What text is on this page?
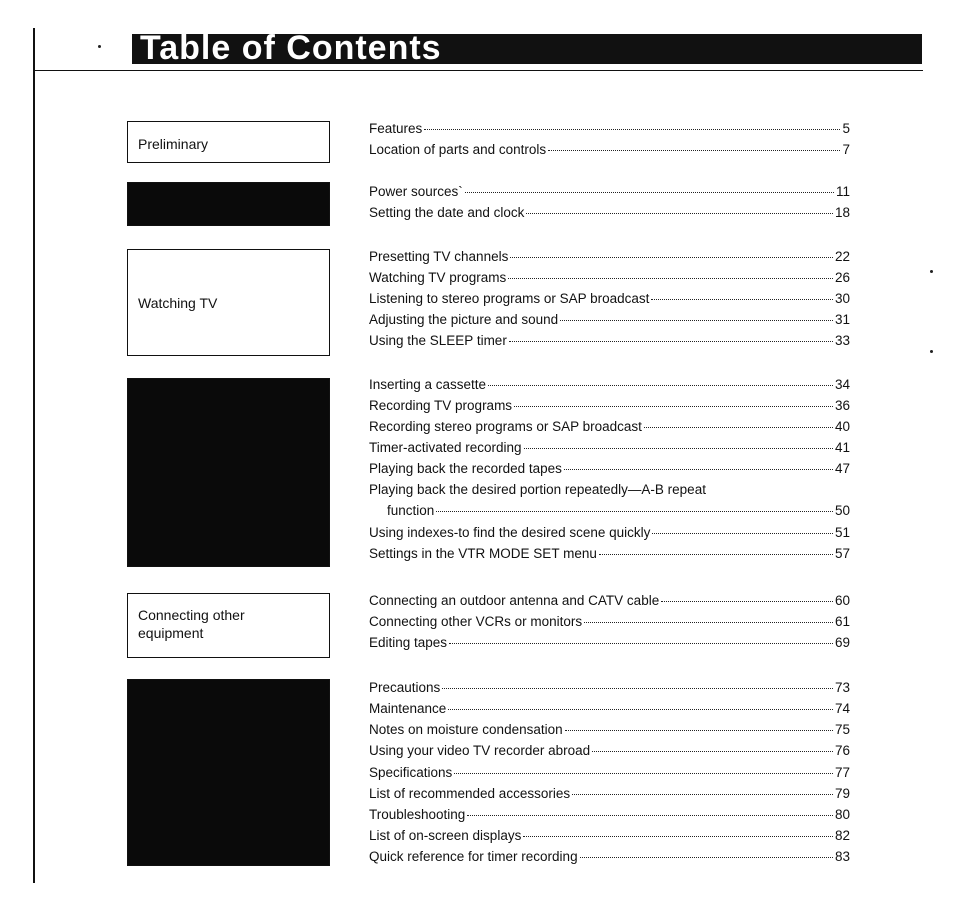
Table of Contents
Preliminary
Watching TV
Connecting other equipment
Features	5
Location of parts and controls	7
Power sources`	11
Setting the date and clock	18
Presetting TV channels	22
Watching TV programs	26
Listening to stereo programs or SAP broadcast	30
Adjusting the picture and sound	31
Using the SLEEP timer	33
Inserting a cassette	34
Recording TV programs	36
Recording stereo programs or SAP broadcast	40
Timer-activated recording	41
Playing back the recorded tapes	47
Playing back the desired portion repeatedly—A-B repeat
function	50
Using indexes-to find the desired scene quickly	51
Settings in the VTR MODE SET menu	57
Connecting an outdoor antenna and CATV cable	60
Connecting other VCRs or monitors	61
Editing tapes	69
Precautions	73
Maintenance	74
Notes on moisture condensation	75
Using your video TV recorder abroad	76
Specifications	77
List of recommended accessories	79
Troubleshooting	80
List of on-screen displays	82
Quick reference for timer recording	83
